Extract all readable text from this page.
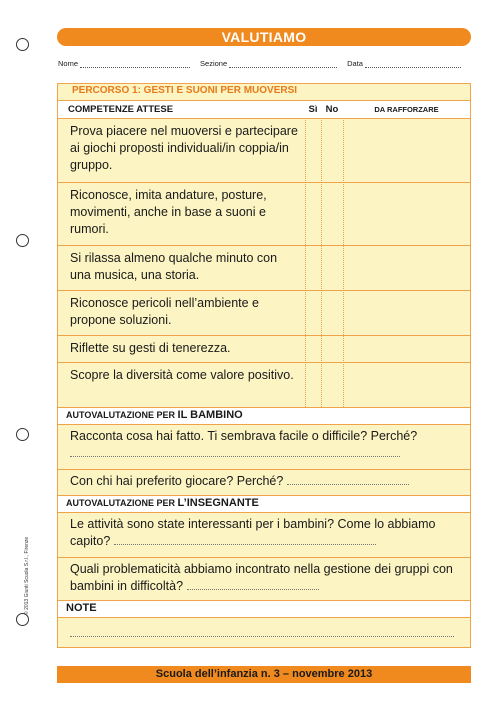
VALUTIAMO
Nome	Sezione	Data
PERCORSO 1: GESTI E SUONI PER MUOVERSI
COMPETENZE ATTESE	Sì No	DA RAFFORZARE
Prova piacere nel muoversi e partecipare ai giochi proposti individuali/in coppia/in gruppo.
Riconosce, imita andature, posture, movimenti, anche in base a suoni e rumori.
Si rilassa almeno qualche minuto con una musica, una storia.
Riconosce pericoli nell’ambiente e propone soluzioni.
Riflette su gesti di tenerezza.
Scopre la diversità come valore positivo.
AUTOVALUTAZIONE PER IL BAMBINO
Racconta cosa hai fatto. Ti sembrava facile o difficile? Perché?
Con chi hai preferito giocare? Perché?
AUTOVALUTAZIONE PER L’INSEGNANTE
Le attività sono state interessanti per i bambini? Come lo abbiamo capito?
Quali problematicità abbiamo incontrato nella gestione dei gruppi con bambini in difficoltà?
NOTE
Scuola dell’infanzia n. 3 – novembre 2013
© 2013 Giunti Scuola S.r.l., Firenze
